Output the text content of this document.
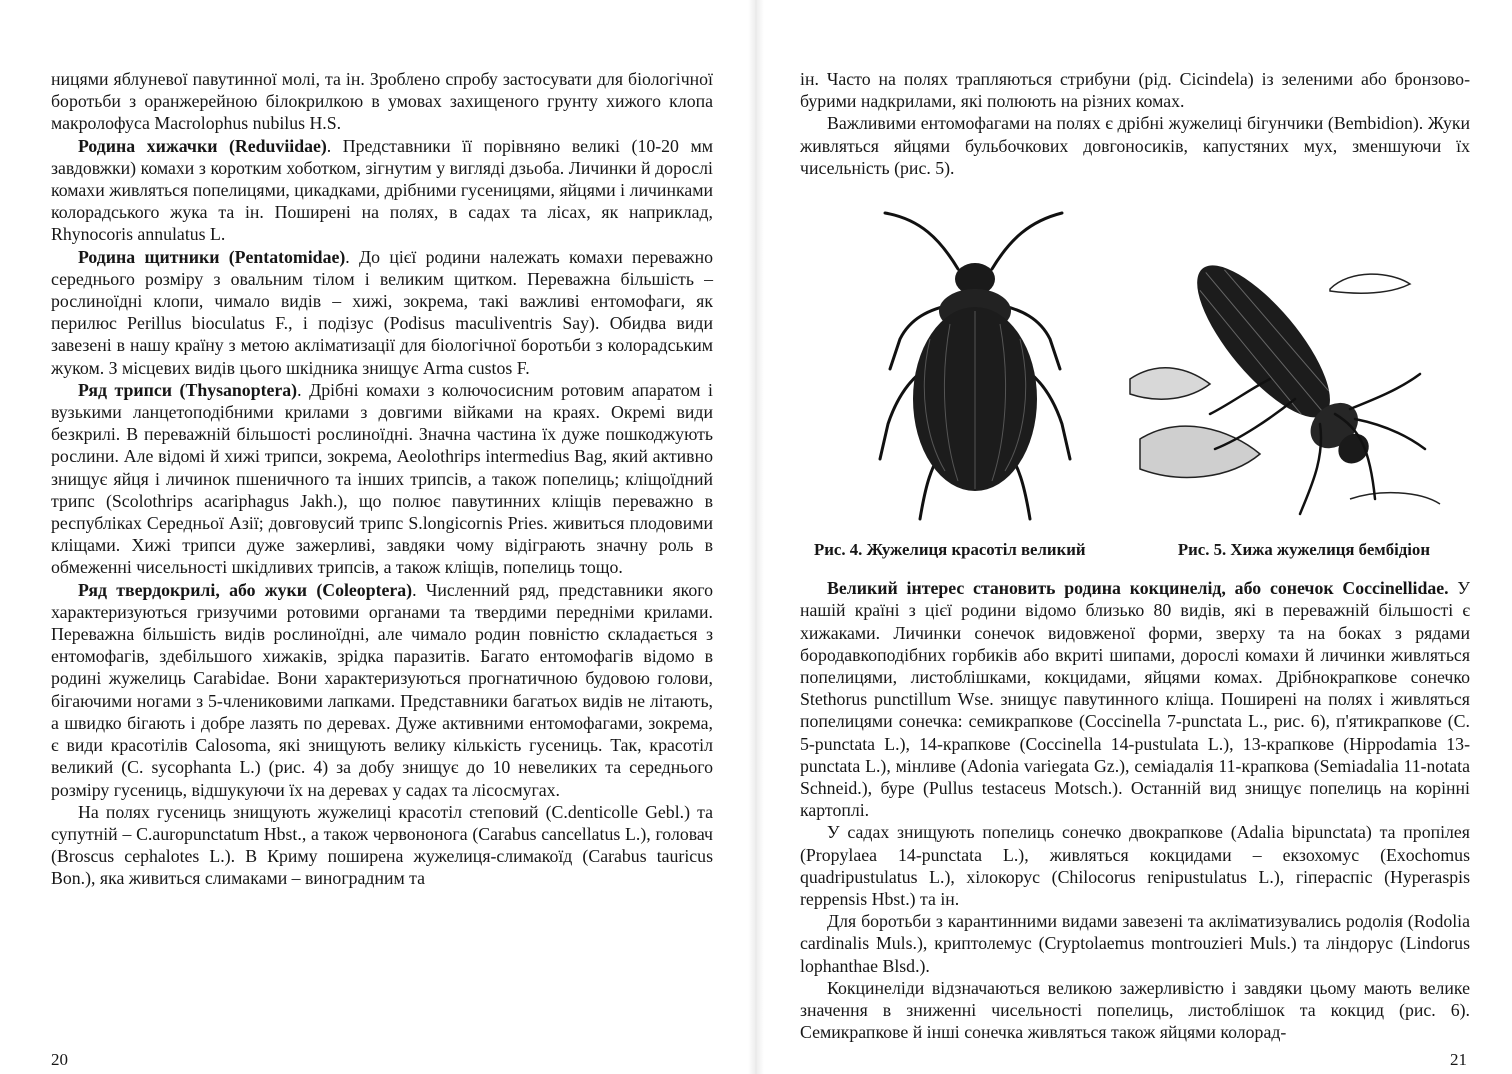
ницями яблуневої павутинної молі, та ін. Зроблено спробу застосувати для біологічної боротьби з оранжерейною білокрилкою в умовах захищеного грунту хижого клопа макролофуса Macrolophus nubilus H.S.

Родина хижачки (Reduviidae). Представники її порівняно великі (10-20 мм завдовжки) комахи з коротким хоботком, зігнутим у вигляді дзьоба. Личинки й дорослі комахи живляться попелицями, цикадками, дрібними гусеницями, яйцями і личинками колорадського жука та ін. Поширені на полях, в садах та лісах, як наприклад, Rhynocoris annulatus L.

Родина щитники (Pentatomidae). До цієї родини належать комахи переважно середнього розміру з овальним тілом і великим щитком. Переважна більшість – рослиноїдні клопи, чимало видів – хижі, зокрема, такі важливі ентомофаги, як перилюс Perillus bioculatus F., і подізус (Podisus maculiventris Say). Обидва види завезені в нашу країну з метою акліматизації для біологічної боротьби з колорадським жуком. З місцевих видів цього шкідника знищує Arma custos F.

Ряд трипси (Thysanoptera). Дрібні комахи з колючосисним ротовим апаратом і вузькими ланцетоподібними крилами з довгими війками на краях. Окремі види безкрилі. В переважній більшості рослиноїдні. Значна частина їх дуже пошкоджують рослини. Але відомі й хижі трипси, зокрема, Aeolothrips intermedius Bag, який активно знищує яйця і личинок пшеничного та інших трипсів, а також попелиць; кліщоїдний трипс (Scolothrips acariphagus Jakh.), що полює павутинних кліщів переважно в республіках Середньої Азії; довговусий трипс S.longicornis Pries. живиться плодовими кліщами. Хижі трипси дуже зажерливі, завдяки чому відіграють значну роль в обмеженні чисельності шкідливих трипсів, а також кліщів, попелиць тощо.

Ряд твердокрилі, або жуки (Coleoptera). Численний ряд, представники якого характеризуються гризучими ротовими органами та твердими передніми крилами. Переважна більшість видів рослиноїдні, але чимало родин повністю складається з ентомофагів, здебільшого хижаків, зрідка паразитів. Багато ентомофагів відомо в родині жужелиць Carabidae. Вони характеризуються прогнатичною будовою голови, бігаючими ногами з 5-члениковими лапками. Представники багатьох видів не літають, а швидко бігають і добре лазять по деревах. Дуже активними ентомофагами, зокрема, є види красотілів Calosoma, які знищують велику кількість гусениць. Так, красотіл великий (C. sycophanta L.) (рис. 4) за добу знищує до 10 невеликих та середнього розміру гусениць, відшукуючи їх на деревах у садах та лісосмугах.

На полях гусениць знищують жужелиці красотіл степовий (C.denticolle Gebl.) та супутній – C.auropunctatum Hbst., а також червононога (Carabus cancellatus L.), головач (Broscus cephalotes L.). В Криму поширена жужелиця-слимакоїд (Carabus tauricus Bon.), яка живиться слимаками – виноградним та

20

ін. Часто на полях трапляються стрибуни (рід. Cicindela) із зеленими або бронзово-бурими надкрилами, які полюють на різних комах.

Важливими ентомофагами на полях є дрібні жужелиці бігунчики (Bembidion). Жуки живляться яйцями бульбочкових довгоносиків, капустяних мух, зменшуючи їх чисельність (рис. 5).

Рис. 4. Жужелиця красотіл великий	Рис. 5. Хижа жужелиця бембідіон

Великий інтерес становить родина кокцинелід, або сонечок Coccinellidae. У нашій країні з цієї родини відомо близько 80 видів, які в переважній більшості є хижаками. Личинки сонечок видовженої форми, зверху та на боках з рядами бородавкоподібних горбиків або вкриті шипами, дорослі комахи й личинки живляться попелицями, листоблішками, кокцидами, яйцями комах. Дрібнокрапкове сонечко Stethorus punctillum Wse. знищує павутинного кліща. Поширені на полях і живляться попелицями сонечка: семикрапкове (Coccinella 7-punctata L., рис. 6), п'ятикрапкове (C. 5-punctata L.), 14-крапкове (Coccinella 14-pustulata L.), 13-крапкове (Hippodamia 13-punctata L.), мінливе (Adonia variegata Gz.), семіадалія 11-крапкова (Semiadalia 11-notata Schneid.), буре (Pullus testaceus Motsch.). Останній вид знищує попелиць на корінні картоплі.

У садах знищують попелиць сонечко двокрапкове (Adalia bipunctata) та пропілея (Propylaea 14-punctata L.), живляться кокцидами – екзохомус (Exochomus quadripustulatus L.), хілокорус (Chilocorus renipustulatus L.), гіпераспіс (Hyperaspis reppensis Hbst.) та ін.

Для боротьби з карантинними видами завезені та акліматизувались родолія (Rodolia cardinalis Muls.), криптолемус (Cryptolaemus montrouzieri Muls.) та ліндорус (Lindorus lophanthae Blsd.).

Кокцинеліди відзначаються великою зажерливістю і завдяки цьому мають велике значення в зниженні чисельності попелиць, листоблішок та кокцид (рис. 6). Семикрапкове й інші сонечка живляться також яйцями колорад-

21
